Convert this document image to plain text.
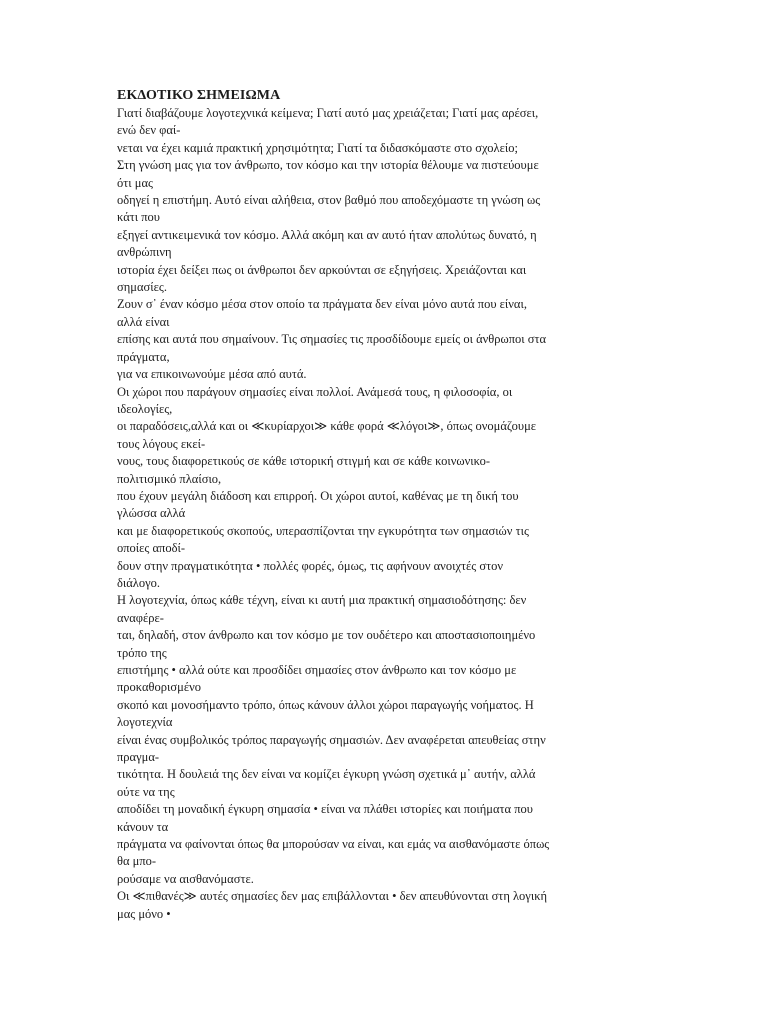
ΕΚΔΟΤΙΚΟ ΣΗΜΕΙΩΜΑ

Γιατί διαβάζουμε λογοτεχνικά κείμενα; Γιατί αυτό μας χρειάζεται; Γιατί μας αρέσει,

ενώ δεν φαί-

νεται να έχει καμιά πρακτική χρησιμότητα; Γιατί τα διδασκόμαστε στο σχολείο;

Στη γνώση μας για τον άνθρωπο, τον κόσμο και την ιστορία θέλουμε να πιστεύουμε

ότι μας

οδηγεί η επιστήμη. Αυτό είναι αλήθεια, στον βαθμό που αποδεχόμαστε τη γνώση ως

κάτι που

εξηγεί αντικειμενικά τον κόσμο. Αλλά ακόμη και αν αυτό ήταν απολύτως δυνατό, η

ανθρώπινη

ιστορία έχει δείξει πως οι άνθρωποι δεν αρκούνται σε εξηγήσεις. Χρειάζονται και

σημασίες.

Ζουν σ᾽ έναν κόσμο μέσα στον οποίο τα πράγματα δεν είναι μόνο αυτά που είναι,

αλλά είναι

επίσης και αυτά που σημαίνουν. Τις σημασίες τις προσδίδουμε εμείς οι άνθρωποι στα

πράγματα,

για να επικοινωνούμε μέσα από αυτά.

Οι χώροι που παράγουν σημασίες είναι πολλοί. Ανάμεσά τους, η φιλοσοφία, οι

ιδεολογίες,

οι παραδόσεις,αλλά και οι ≪κυρίαρχοι≫ κάθε φορά ≪λόγοι≫, όπως ονομάζουμε

τους λόγους εκεί-

νους, τους διαφορετικούς σε κάθε ιστορική στιγμή και σε κάθε κοινωνικο-

πολιτισμικό πλαίσιο,

που έχουν μεγάλη διάδοση και επιρροή. Οι χώροι αυτοί, καθένας με τη δική του

γλώσσα αλλά

και με διαφορετικούς σκοπούς, υπερασπίζονται την εγκυρότητα των σημασιών τις

οποίες αποδί-

δουν στην πραγματικότητα • πολλές φορές, όμως, τις αφήνουν ανοιχτές στον

διάλογο.

Η λογοτεχνία, όπως κάθε τέχνη, είναι κι αυτή μια πρακτική σημασιοδότησης: δεν

αναφέρε-

ται, δηλαδή, στον άνθρωπο και τον κόσμο με τον ουδέτερο και αποστασιοποιημένο

τρόπο της

επιστήμης • αλλά ούτε και προσδίδει σημασίες στον άνθρωπο και τον κόσμο με

προκαθορισμένο

σκοπό και μονοσήμαντο τρόπο, όπως κάνουν άλλοι χώροι παραγωγής νοήματος. Η

λογοτεχνία

είναι ένας συμβολικός τρόπος παραγωγής σημασιών. Δεν αναφέρεται απευθείας στην

πραγμα-

τικότητα. Η δουλειά της δεν είναι να κομίζει έγκυρη γνώση σχετικά μ᾽ αυτήν, αλλά

ούτε να της

αποδίδει τη μοναδική έγκυρη σημασία • είναι να πλάθει ιστορίες και ποιήματα που

κάνουν τα

πράγματα να φαίνονται όπως θα μπορούσαν να είναι, και εμάς να αισθανόμαστε όπως

θα μπο-

ρούσαμε να αισθανόμαστε.

Οι ≪πιθανές≫ αυτές σημασίες δεν μας επιβάλλονται • δεν απευθύνονται στη λογική

μας μόνο •
